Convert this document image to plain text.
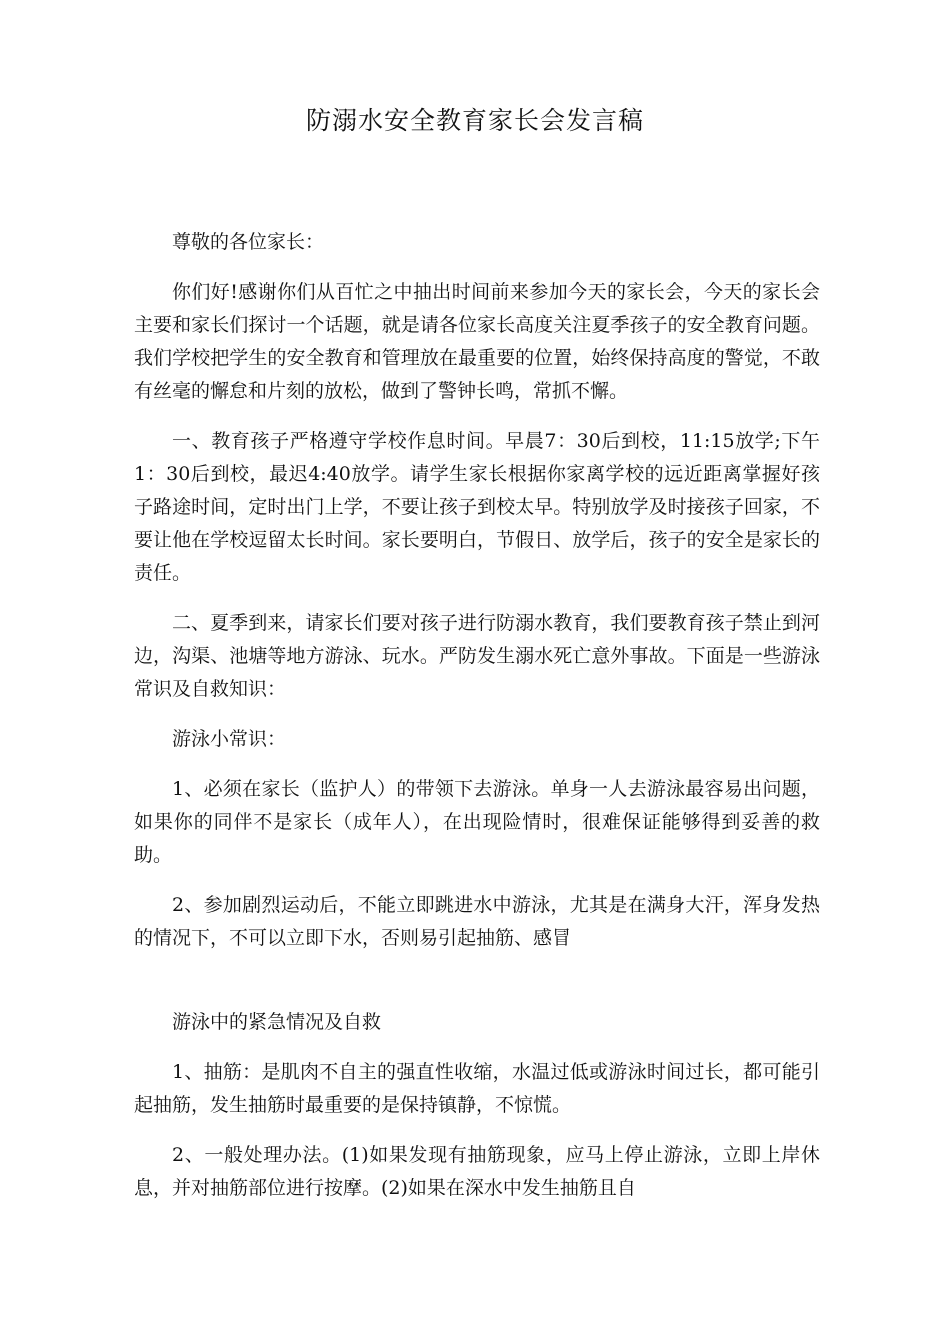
防溺水安全教育家长会发言稿

尊敬的各位家长：

你们好!感谢你们从百忙之中抽出时间前来参加今天的家长会，今天的家长会主要和家长们探讨一个话题，就是请各位家长高度关注夏季孩子的安全教育问题。我们学校把学生的安全教育和管理放在最重要的位置，始终保持高度的警觉，不敢有丝毫的懈怠和片刻的放松，做到了警钟长鸣，常抓不懈。

一、教育孩子严格遵守学校作息时间。早晨7：30后到校，11:15放学;下午1：30后到校，最迟4:40放学。请学生家长根据你家离学校的远近距离掌握好孩子路途时间，定时出门上学，不要让孩子到校太早。特别放学及时接孩子回家，不要让他在学校逗留太长时间。家长要明白，节假日、放学后，孩子的安全是家长的责任。

二、夏季到来，请家长们要对孩子进行防溺水教育，我们要教育孩子禁止到河边，沟渠、池塘等地方游泳、玩水。严防发生溺水死亡意外事故。下面是一些游泳常识及自救知识：

游泳小常识：

1、必须在家长（监护人）的带领下去游泳。单身一人去游泳最容易出问题，如果你的同伴不是家长（成年人），在出现险情时，很难保证能够得到妥善的救助。

2、参加剧烈运动后，不能立即跳进水中游泳，尤其是在满身大汗，浑身发热的情况下，不可以立即下水，否则易引起抽筋、感冒

游泳中的紧急情况及自救

1、抽筋：是肌肉不自主的强直性收缩，水温过低或游泳时间过长，都可能引起抽筋，发生抽筋时最重要的是保持镇静，不惊慌。

2、一般处理办法。(1)如果发现有抽筋现象，应马上停止游泳，立即上岸休息，并对抽筋部位进行按摩。(2)如果在深水中发生抽筋且自
